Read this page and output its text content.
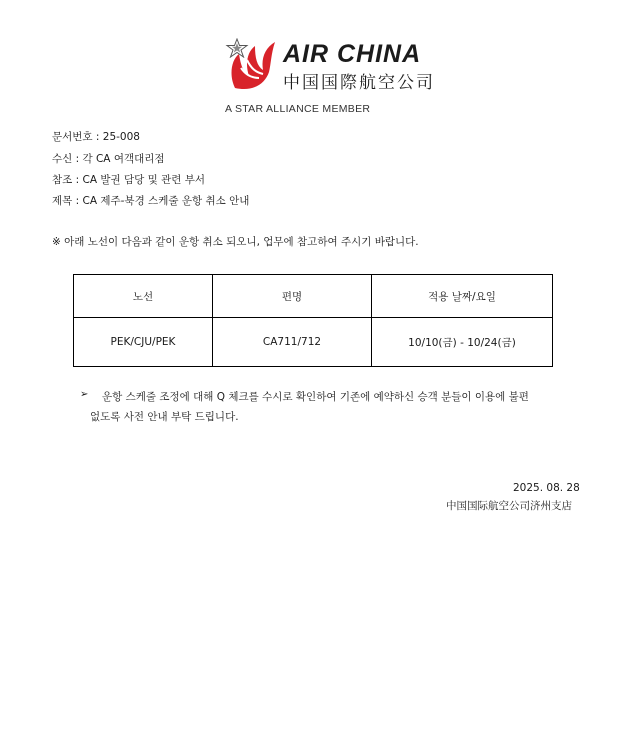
AIR CHINA
中国国際航空公司
A STAR ALLIANCE MEMBER
문서번호 : 25-008
수신 : 각 CA 여객대리점
참조 : CA 발권 담당 및 관련 부서
제목 : CA 제주-북경 스케줄 운항 취소 안내
※ 아래 노선이 다음과 같이 운항 취소 되오니, 업무에 참고하여 주시기 바랍니다.
노선	편명	적용 날짜/요일
PEK/CJU/PEK	CA711/712	10/10(금) - 10/24(금)
➢ 운항 스케줄 조정에 대해 Q 체크를 수시로 확인하여 기존에 예약하신 승객 분들이 이용에 불편
없도록 사전 안내 부탁 드립니다.
2025. 08. 28
中国国际航空公司济州支店
